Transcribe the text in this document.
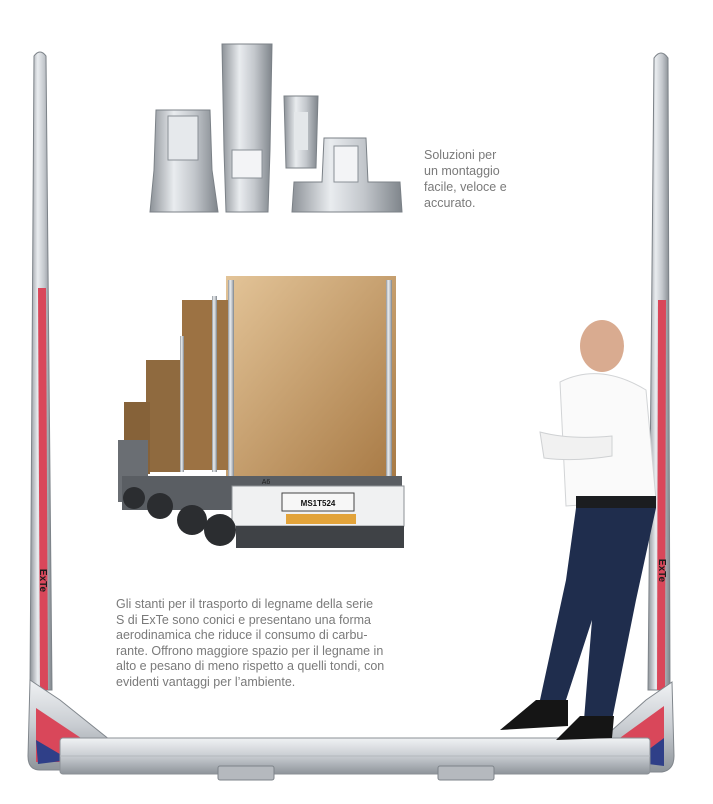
Soluzioni per

un montaggio

facile, veloce e

accurato.

Gli stanti per il trasporto di legname della serie

S di ExTe sono conici e presentano una forma

aerodinamica che riduce il consumo di carbu-

rante. Offrono maggiore spazio per il legname in

alto e pesano di meno rispetto a quelli tondi, con

evidenti vantaggi per l’ambiente.

ExTe	ExTe
MS1T524
A6
